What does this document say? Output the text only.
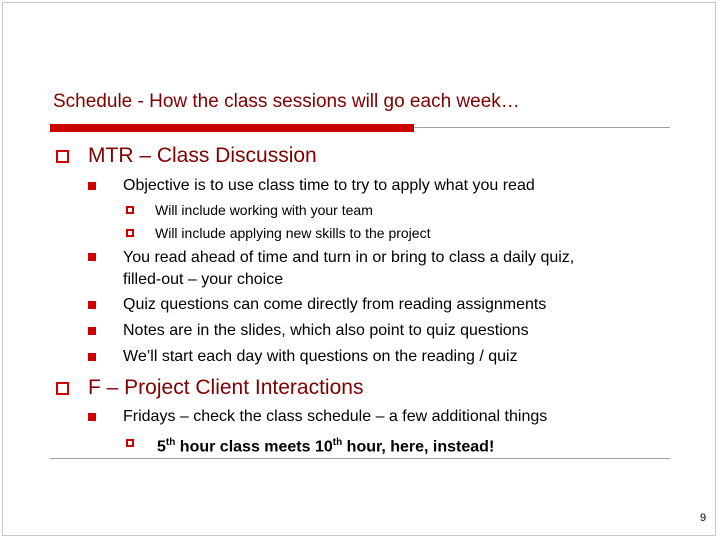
Schedule - How the class sessions will go each week…
MTR – Class Discussion
Objective is to use class time to try to apply what you read
Will include working with your team
Will include applying new skills to the project
You read ahead of time and turn in or bring to class a daily quiz,
filled-out – your choice
Quiz questions can come directly from reading assignments
Notes are in the slides, which also point to quiz questions
We’ll start each day with questions on the reading / quiz
F – Project Client Interactions
Fridays – check the class schedule – a few additional things
5th hour class meets 10th hour, here, instead!
9
